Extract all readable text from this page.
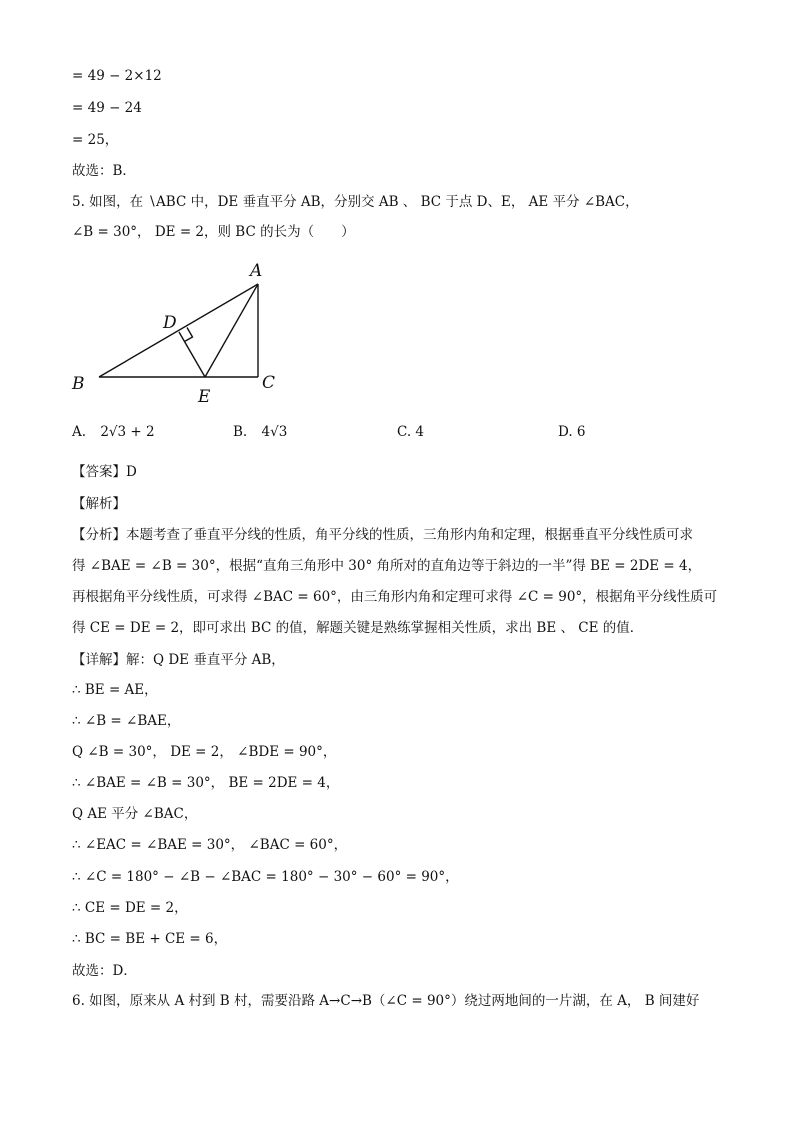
= 49 − 2×12
= 49 − 24
= 25，
故选：B．
5. 如图，在 ∖ABC 中，DE 垂直平分 AB，分别交 AB 、 BC 于点 D、E， AE 平分 ∠BAC，
∠B = 30°， DE = 2，则 BC 的长为（　　）
A
B	C
D
E
A. 2√3 + 2	B. 4√3	C. 4	D. 6
【答案】D
【解析】
【分析】本题考查了垂直平分线的性质，角平分线的性质，三角形内角和定理，根据垂直平分线性质可求
得 ∠BAE = ∠B = 30°，根据“直角三角形中 30° 角所对的直角边等于斜边的一半”得 BE = 2DE = 4，
再根据角平分线性质，可求得 ∠BAC = 60°，由三角形内角和定理可求得 ∠C = 90°，根据角平分线性质可
得 CE = DE = 2，即可求出 BC 的值，解题关键是熟练掌握相关性质，求出 BE 、 CE 的值．
【详解】解：Q DE 垂直平分 AB，
∴ BE = AE，
∴ ∠B = ∠BAE，
Q ∠B = 30°， DE = 2， ∠BDE = 90°，
∴ ∠BAE = ∠B = 30°， BE = 2DE = 4，
Q AE 平分 ∠BAC，
∴ ∠EAC = ∠BAE = 30°， ∠BAC = 60°，
∴ ∠C = 180° − ∠B − ∠BAC = 180° − 30° − 60° = 90°，
∴ CE = DE = 2，
∴ BC = BE + CE = 6，
故选：D．
6. 如图，原来从 A 村到 B 村，需要沿路 A→C→B（∠C = 90°）绕过两地间的一片湖，在 A， B 间建好
